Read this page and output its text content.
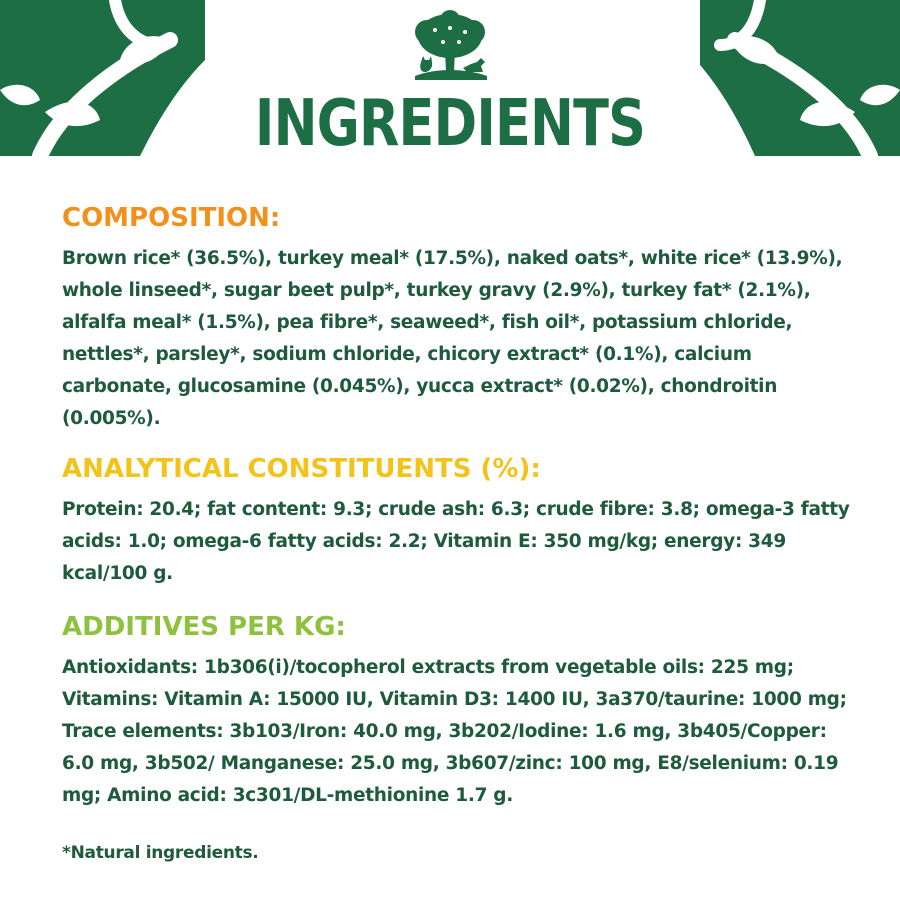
INGREDIENTS
COMPOSITION:

Brown rice* (36.5%), turkey meal* (17.5%), naked oats*, white rice* (13.9%), whole linseed*, sugar beet pulp*, turkey gravy (2.9%), turkey fat* (2.1%), alfalfa meal* (1.5%), pea fibre*, seaweed*, fish oil*, potassium chloride, nettles*, parsley*, sodium chloride, chicory extract* (0.1%), calcium carbonate, glucosamine (0.045%), yucca extract* (0.02%), chondroitin (0.005%).

ANALYTICAL CONSTITUENTS (%):

Protein: 20.4; fat content: 9.3; crude ash: 6.3; crude fibre: 3.8; omega-3 fatty acids: 1.0; omega-6 fatty acids: 2.2; Vitamin E: 350 mg/kg; energy: 349 kcal/100 g.

ADDITIVES PER KG:

Antioxidants: 1b306(i)/tocopherol extracts from vegetable oils: 225 mg; Vitamins: Vitamin A: 15000 IU, Vitamin D3: 1400 IU, 3a370/taurine: 1000 mg; Trace elements: 3b103/Iron: 40.0 mg, 3b202/Iodine: 1.6 mg, 3b405/Copper: 6.0 mg, 3b502/ Manganese: 25.0 mg, 3b607/zinc: 100 mg, E8/selenium: 0.19 mg; Amino acid: 3c301/DL-methionine 1.7 g.

*Natural ingredients.
